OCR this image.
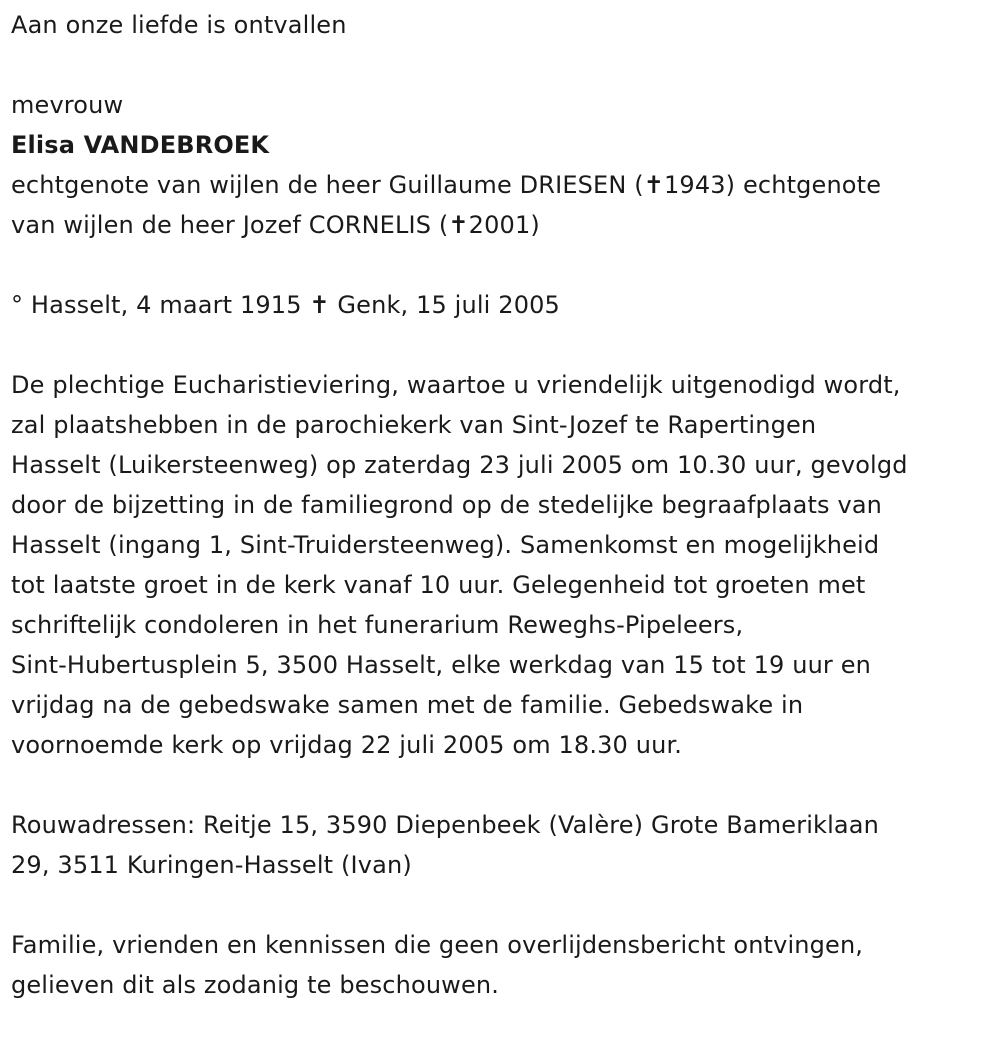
Aan onze liefde is ontvallen

mevrouw

Elisa VANDEBROEK

echtgenote van wijlen de heer Guillaume DRIESEN (✝1943) echtgenote

van wijlen de heer Jozef CORNELIS (✝2001)

° Hasselt, 4 maart 1915 ✝ Genk, 15 juli 2005

De plechtige Eucharistieviering, waartoe u vriendelijk uitgenodigd wordt,

zal plaatshebben in de parochiekerk van Sint-Jozef te Rapertingen

Hasselt (Luikersteenweg) op zaterdag 23 juli 2005 om 10.30 uur, gevolgd

door de bijzetting in de familiegrond op de stedelijke begraafplaats van

Hasselt (ingang 1, Sint-Truidersteenweg). Samenkomst en mogelijkheid

tot laatste groet in de kerk vanaf 10 uur. Gelegenheid tot groeten met

schriftelijk condoleren in het funerarium Reweghs-Pipeleers,

Sint-Hubertusplein 5, 3500 Hasselt, elke werkdag van 15 tot 19 uur en

vrijdag na de gebedswake samen met de familie. Gebedswake in

voornoemde kerk op vrijdag 22 juli 2005 om 18.30 uur.

Rouwadressen: Reitje 15, 3590 Diepenbeek (Valère) Grote Bameriklaan

29, 3511 Kuringen-Hasselt (Ivan)

Familie, vrienden en kennissen die geen overlijdensbericht ontvingen,

gelieven dit als zodanig te beschouwen.
